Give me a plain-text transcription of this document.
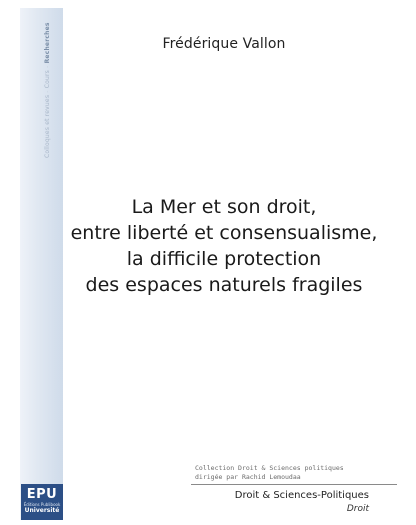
Colloques et revues - Cours - Recherches	Frédérique Vallon
La Mer et son droit,
entre liberté et consensualisme,
la difficile protection
des espaces naturels fragiles
Collection Droit & Sciences politiques
dirigée par Rachid Lemoudaa
Droit & Sciences-Politiques
Droit
EPU
Éditions Publibook
Université
